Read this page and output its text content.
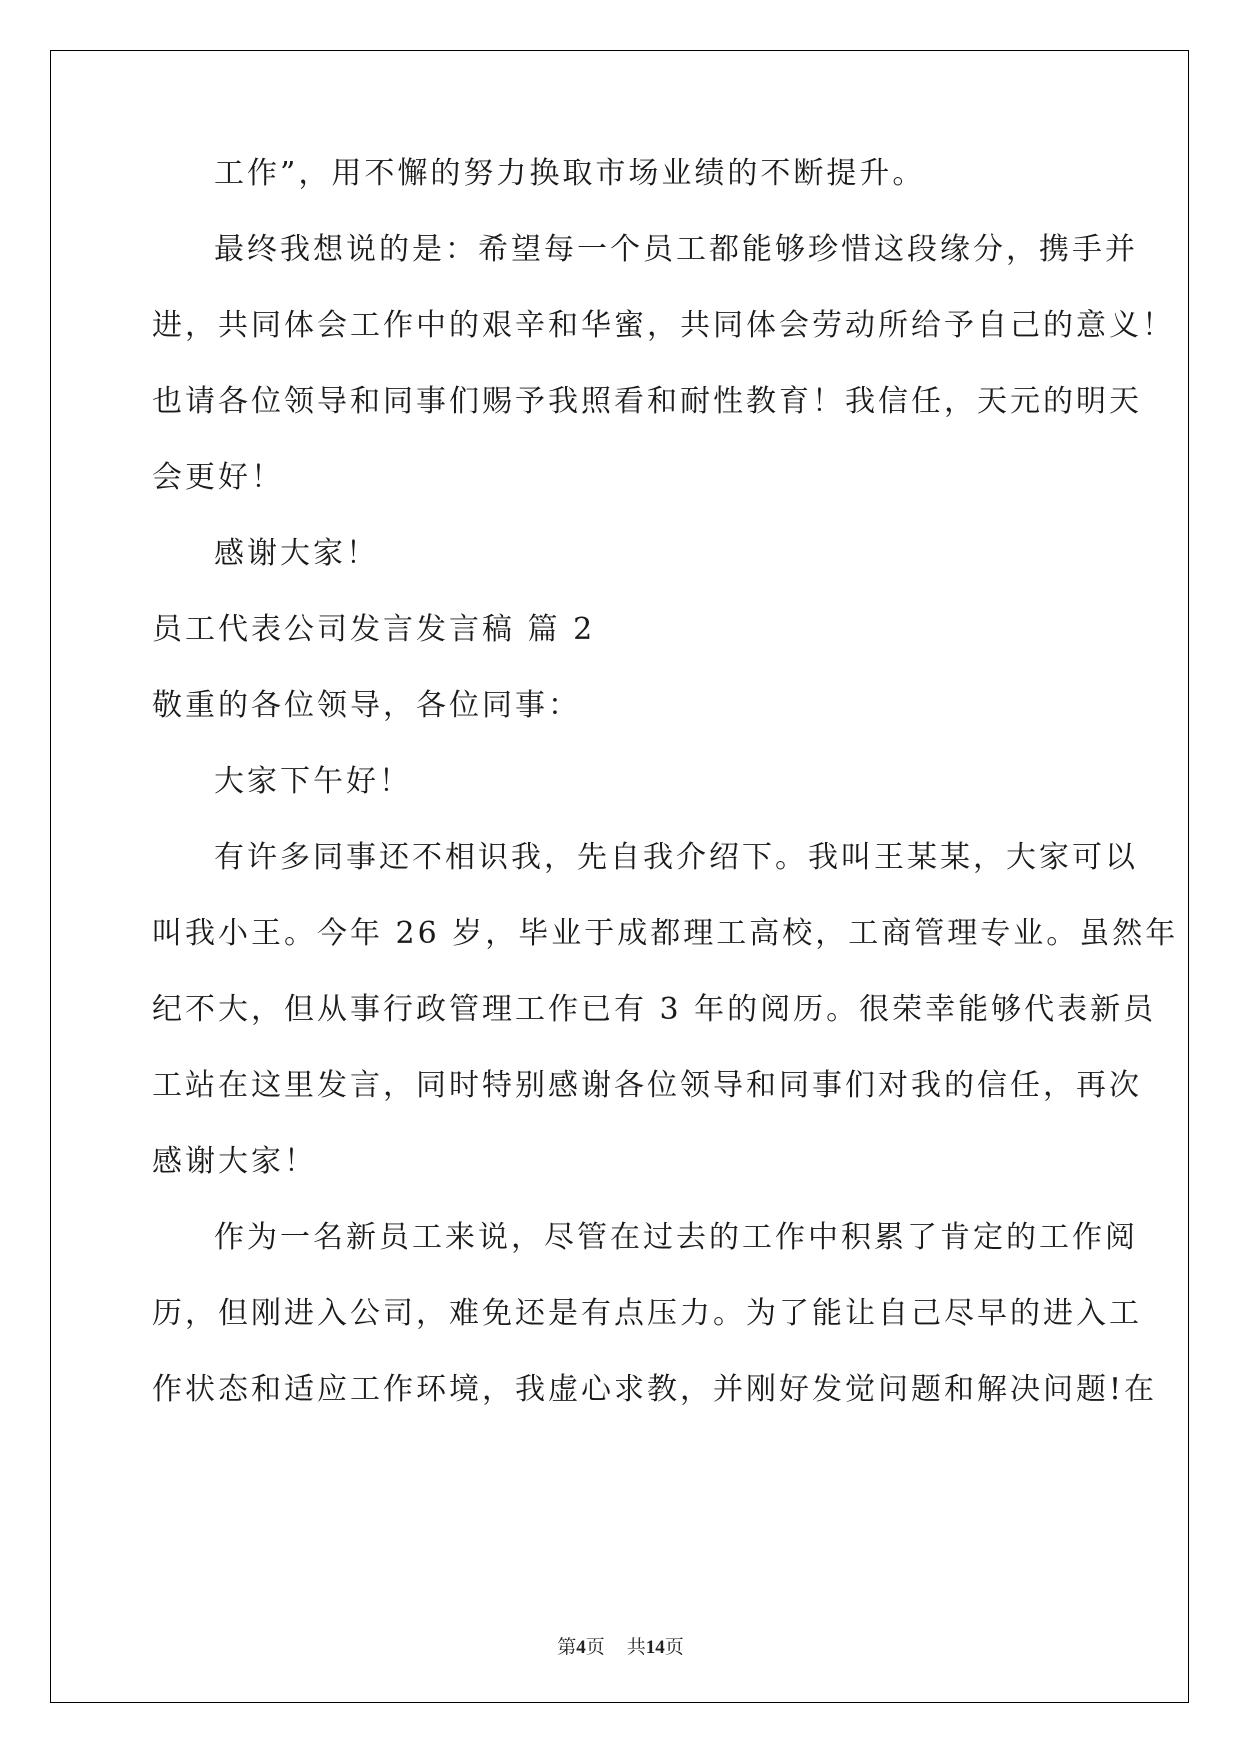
工作”，用不懈的努力换取市场业绩的不断提升。
最终我想说的是：希望每一个员工都能够珍惜这段缘分，携手并
进，共同体会工作中的艰辛和华蜜，共同体会劳动所给予自己的意义！
也请各位领导和同事们赐予我照看和耐性教育！我信任，天元的明天
会更好！
感谢大家！
员工代表公司发言发言稿 篇 2
敬重的各位领导，各位同事：
大家下午好！
有许多同事还不相识我，先自我介绍下。我叫王某某，大家可以
叫我小王。今年 26 岁，毕业于成都理工高校，工商管理专业。虽然年
纪不大，但从事行政管理工作已有 3 年的阅历。很荣幸能够代表新员
工站在这里发言，同时特别感谢各位领导和同事们对我的信任，再次
感谢大家！
作为一名新员工来说，尽管在过去的工作中积累了肯定的工作阅
历，但刚进入公司，难免还是有点压力。为了能让自己尽早的进入工
作状态和适应工作环境，我虚心求教，并刚好发觉问题和解决问题!在
第4页 共14页
